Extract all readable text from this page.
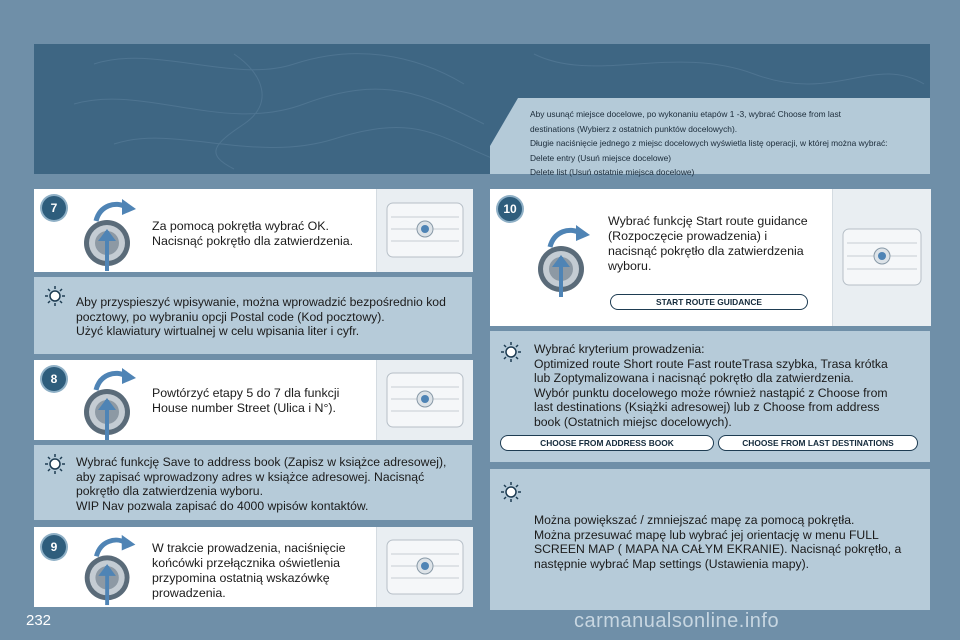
Aby usunąć miejsce docelowe, po wykonaniu etapów 1 -3, wybrać Choose from last
destinations (Wybierz z ostatnich punktów docelowych).
Długie naciśnięcie jednego z miejsc docelowych wyświetla listę operacji, w której można wybrać:
Delete entry (Usuń miejsce docelowe)
Delete list (Usuń ostatnie miejsca docelowe)
7
Za pomocą pokrętła wybrać OK.
Nacisnąć pokrętło dla zatwierdzenia.
Aby przyspieszyć wpisywanie, można wprowadzić bezpośrednio kod
pocztowy, po wybraniu opcji Postal code (Kod pocztowy).
Użyć klawiatury wirtualnej w celu wpisania liter i cyfr.
8
Powtórzyć etapy 5 do 7 dla funkcji
House number Street (Ulica i N°).
Wybrać funkcję Save to address book (Zapisz w książce adresowej),
aby zapisać wprowadzony adres w książce adresowej. Nacisnąć
pokrętło dla zatwierdzenia wyboru.
WIP Nav pozwala zapisać do 4000 wpisów kontaktów.
9	W trakcie prowadzenia, naciśnięcie
końcówki przełącznika oświetlenia
przypomina ostatnią wskazówkę
prowadzenia.
10
Wybrać funkcję Start route guidance
(Rozpoczęcie prowadzenia) i
nacisnąć pokrętło dla zatwierdzenia
wyboru.
START ROUTE GUIDANCE
Wybrać kryterium prowadzenia:
Optimized route Short route Fast routeTrasa szybka, Trasa krótka
lub Zoptymalizowana i nacisnąć pokrętło dla zatwierdzenia.
Wybór punktu docelowego może również nastąpić z Choose from
last destinations (Książki adresowej) lub z Choose from address
book (Ostatnich miejsc docelowych).
CHOOSE FROM ADDRESS BOOK	CHOOSE FROM LAST DESTINATIONS
Można powiększać / zmniejszać mapę za pomocą pokrętła.
Można przesuwać mapę lub wybrać jej orientację w menu FULL
SCREEN MAP ( MAPA NA CAŁYM EKRANIE). Nacisnąć pokrętło, a
następnie wybrać Map settings (Ustawienia mapy).
232	carmanualsonline.info
